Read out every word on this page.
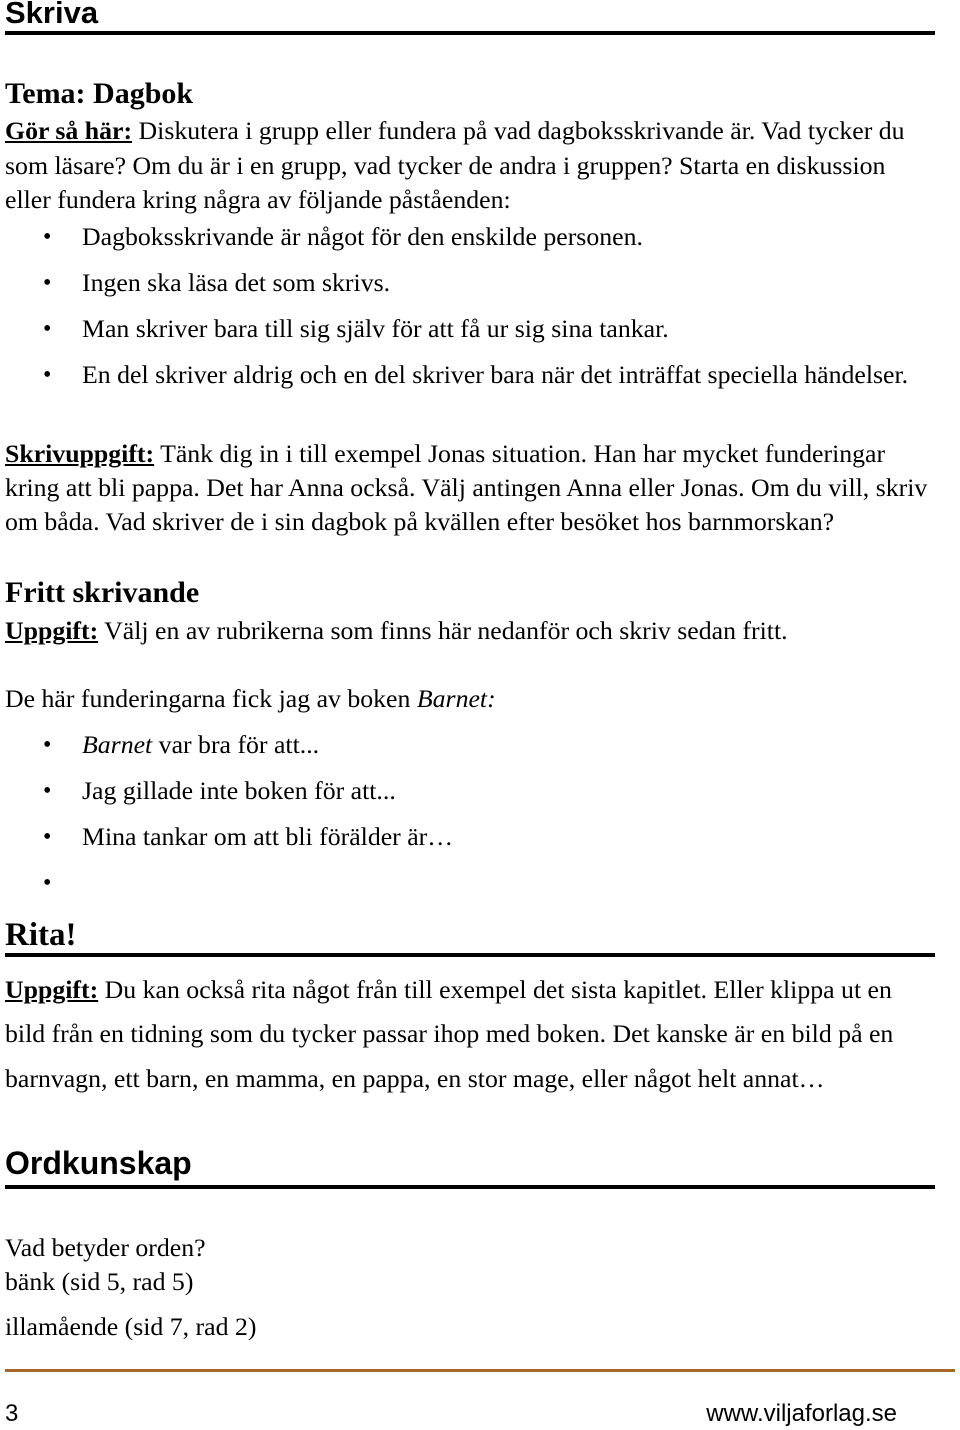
Skriva
Tema: Dagbok
Gör så här: Diskutera i grupp eller fundera på vad dagboksskrivande är. Vad tycker du
som läsare? Om du är i en grupp, vad tycker de andra i gruppen? Starta en diskussion
eller fundera kring några av följande påståenden:
• Dagboksskrivande är något för den enskilde personen.
• Ingen ska läsa det som skrivs.
• Man skriver bara till sig själv för att få ur sig sina tankar.
• En del skriver aldrig och en del skriver bara när det inträffat speciella händelser.
Skrivuppgift: Tänk dig in i till exempel Jonas situation. Han har mycket funderingar
kring att bli pappa. Det har Anna också. Välj antingen Anna eller Jonas. Om du vill, skriv
om båda. Vad skriver de i sin dagbok på kvällen efter besöket hos barnmorskan?
Fritt skrivande
Uppgift: Välj en av rubrikerna som finns här nedanför och skriv sedan fritt.
De här funderingarna fick jag av boken Barnet:
• Barnet var bra för att...
• Jag gillade inte boken för att...
• Mina tankar om att bli förälder är…
•
Rita!
Uppgift: Du kan också rita något från till exempel det sista kapitlet. Eller klippa ut en
bild från en tidning som du tycker passar ihop med boken. Det kanske är en bild på en
barnvagn, ett barn, en mamma, en pappa, en stor mage, eller något helt annat…
Ordkunskap
Vad betyder orden?
bänk (sid 5, rad 5)
illamående (sid 7, rad 2)
3	www.viljaforlag.se
